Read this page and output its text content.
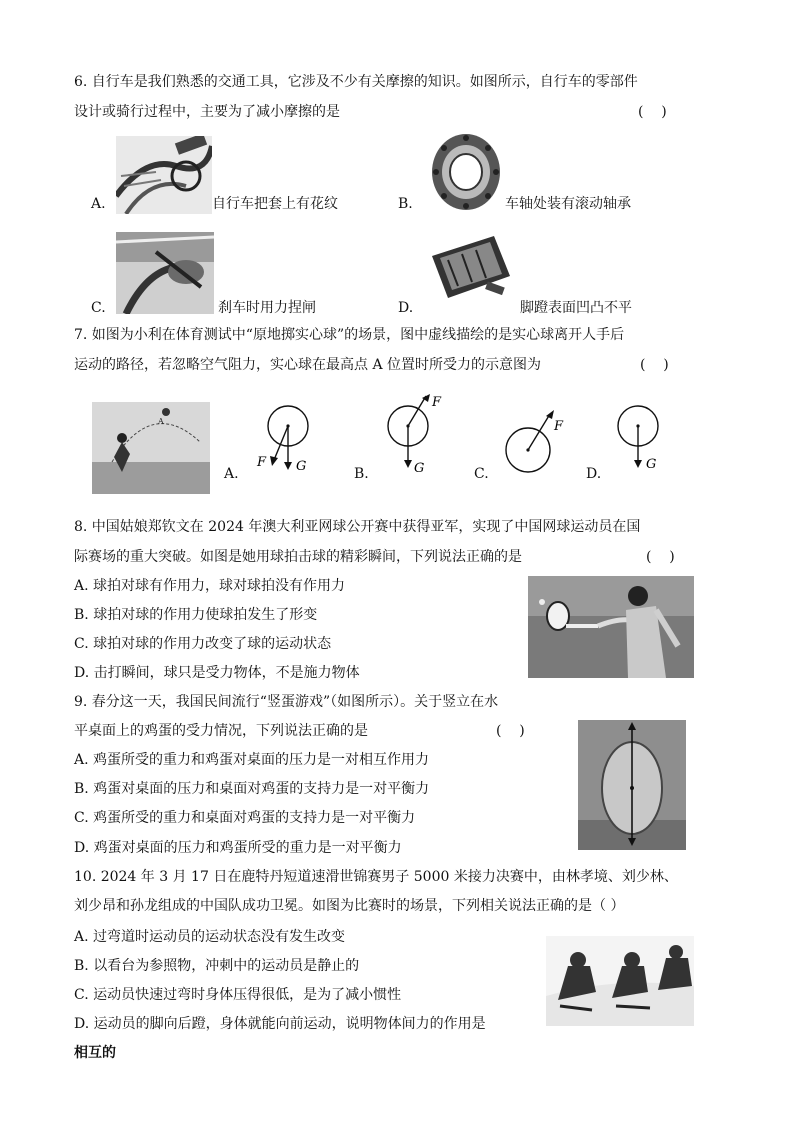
6. 自行车是我们熟悉的交通工具，它涉及不少有关摩擦的知识。如图所示，自行车的零部件
设计或骑行过程中，主要为了减小摩擦的是	(    )
A.	自行车把套上有花纹	B.	车轴处装有滚动轴承
C.	刹车时用力捏闸	D.	脚蹬表面凹凸不平
7. 如图为小利在体育测试中“原地掷实心球”的场景，图中虚线描绘的是实心球离开人手后
运动的路径，若忽略空气阻力，实心球在最高点 A 位置时所受力的示意图为	(    )
A
A.
F G	B.
F
G	C.
F
D.
G
8. 中国姑娘郑钦文在 2024 年澳大利亚网球公开赛中获得亚军，实现了中国网球运动员在国
际赛场的重大突破。如图是她用球拍击球的精彩瞬间，下列说法正确的是	(    )
A. 球拍对球有作用力，球对球拍没有作用力
B. 球拍对球的作用力使球拍发生了形变
C. 球拍对球的作用力改变了球的运动状态
D. 击打瞬间，球只是受力物体，不是施力物体
9. 春分这一天，我国民间流行“竖蛋游戏”（如图所示）。关于竖立在水
平桌面上的鸡蛋的受力情况，下列说法正确的是	(    )
A. 鸡蛋所受的重力和鸡蛋对桌面的压力是一对相互作用力
B. 鸡蛋对桌面的压力和桌面对鸡蛋的支持力是一对平衡力
C. 鸡蛋所受的重力和桌面对鸡蛋的支持力是一对平衡力
D. 鸡蛋对桌面的压力和鸡蛋所受的重力是一对平衡力
10. 2024 年 3 月 17 日在鹿特丹短道速滑世锦赛男子 5000 米接力决赛中，由林孝境、刘少林、
刘少昂和孙龙组成的中国队成功卫冕。如图为比赛时的场景，下列相关说法正确的是（ ）
A. 过弯道时运动员的运动状态没有发生改变
B. 以看台为参照物，冲刺中的运动员是静止的
C. 运动员快速过弯时身体压得很低，是为了减小惯性
D. 运动员的脚向后蹬，身体就能向前运动，说明物体间力的作用是
相互的
